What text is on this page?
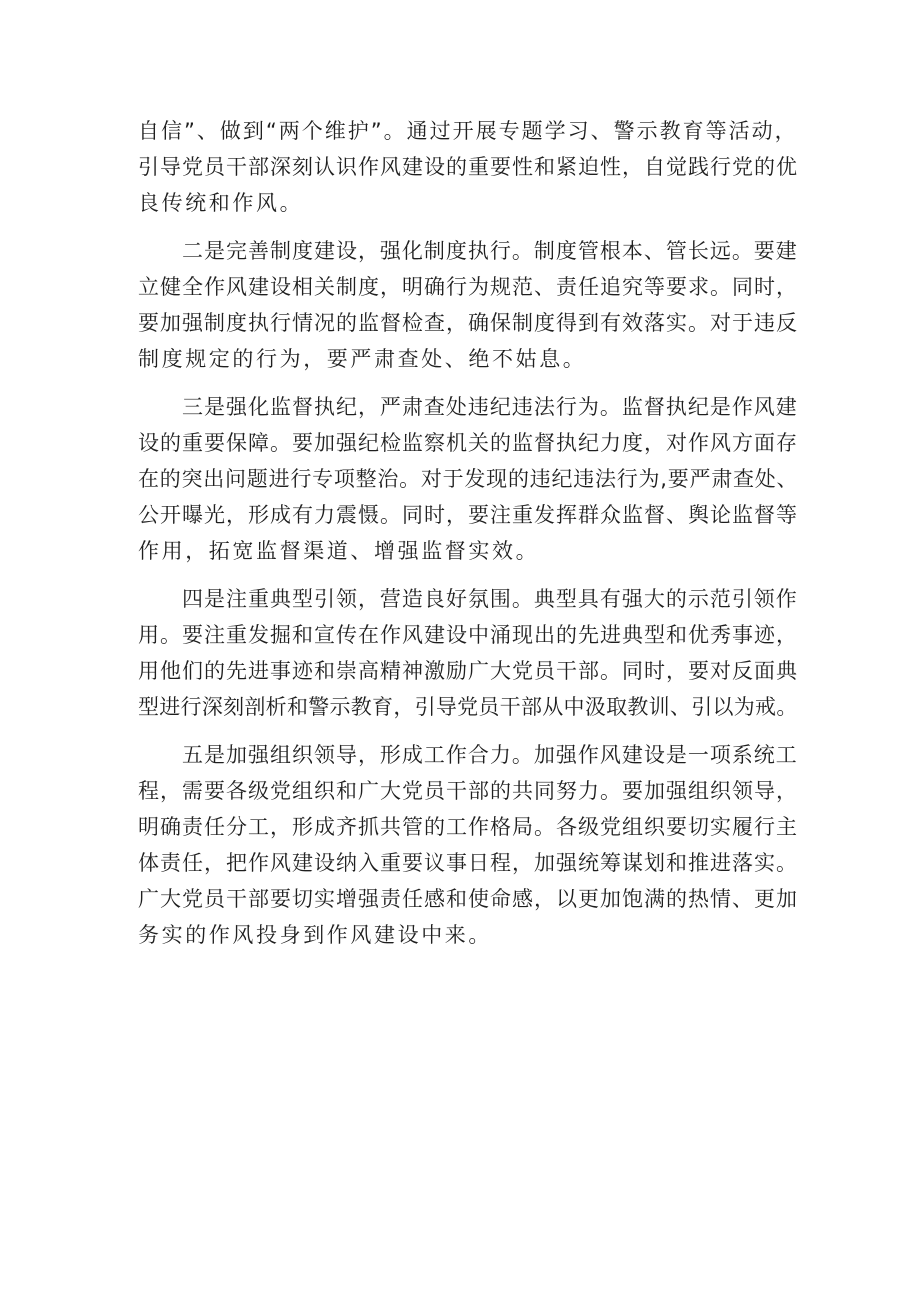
自信”、做到“两个维护”。通过开展专题学习、警示教育等活动，
引导党员干部深刻认识作风建设的重要性和紧迫性，自觉践行党的优
良传统和作风。
二是完善制度建设，强化制度执行。制度管根本、管长远。要建
立健全作风建设相关制度，明确行为规范、责任追究等要求。同时，
要加强制度执行情况的监督检查，确保制度得到有效落实。对于违反
制度规定的行为，要严肃查处、绝不姑息。
三是强化监督执纪，严肃查处违纪违法行为。监督执纪是作风建
设的重要保障。要加强纪检监察机关的监督执纪力度，对作风方面存
在的突出问题进行专项整治。对于发现的违纪违法行为,要严肃查处、
公开曝光，形成有力震慑。同时，要注重发挥群众监督、舆论监督等
作用，拓宽监督渠道、增强监督实效。
四是注重典型引领，营造良好氛围。典型具有强大的示范引领作
用。要注重发掘和宣传在作风建设中涌现出的先进典型和优秀事迹，
用他们的先进事迹和崇高精神激励广大党员干部。同时，要对反面典
型进行深刻剖析和警示教育，引导党员干部从中汲取教训、引以为戒。
五是加强组织领导，形成工作合力。加强作风建设是一项系统工
程，需要各级党组织和广大党员干部的共同努力。要加强组织领导，
明确责任分工，形成齐抓共管的工作格局。各级党组织要切实履行主
体责任，把作风建设纳入重要议事日程，加强统筹谋划和推进落实。
广大党员干部要切实增强责任感和使命感，以更加饱满的热情、更加
务实的作风投身到作风建设中来。
